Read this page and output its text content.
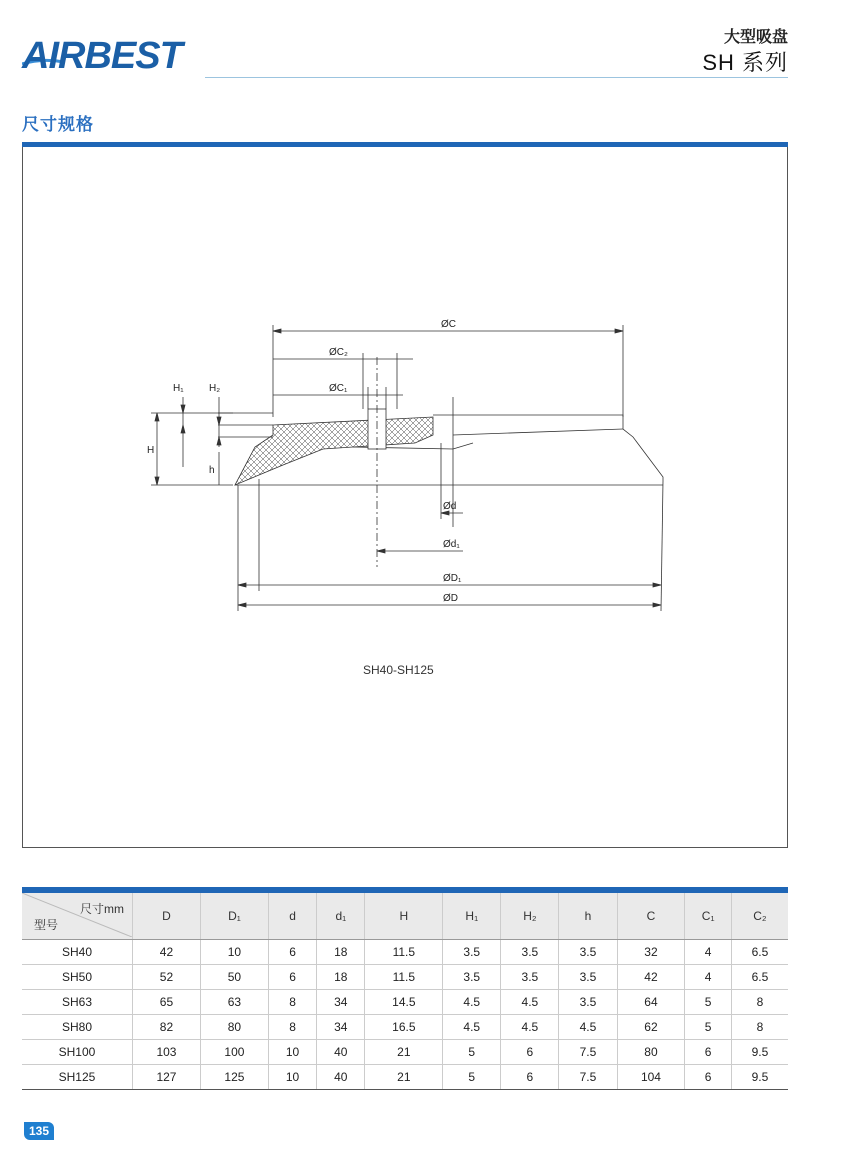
AIRBEST	大型吸盘
SH 系列
尺寸规格
ØC
ØC₂
ØC₁
H
H₁	H₂
h
Ød
Ød₁
ØD₁
ØD
SH40-SH125
尺寸mm
型号	D	D₁	d	d₁	H	H₁	H₂	h	C	C₁	C₂
SH40	42	10	6	18	11.5	3.5	3.5	3.5	32	4	6.5
SH50	52	50	6	18	11.5	3.5	3.5	3.5	42	4	6.5
SH63	65	63	8	34	14.5	4.5	4.5	3.5	64	5	8
SH80	82	80	8	34	16.5	4.5	4.5	4.5	62	5	8
SH100	103	100	10	40	21	5	6	7.5	80	6	9.5
SH125	127	125	10	40	21	5	6	7.5	104	6	9.5
135
